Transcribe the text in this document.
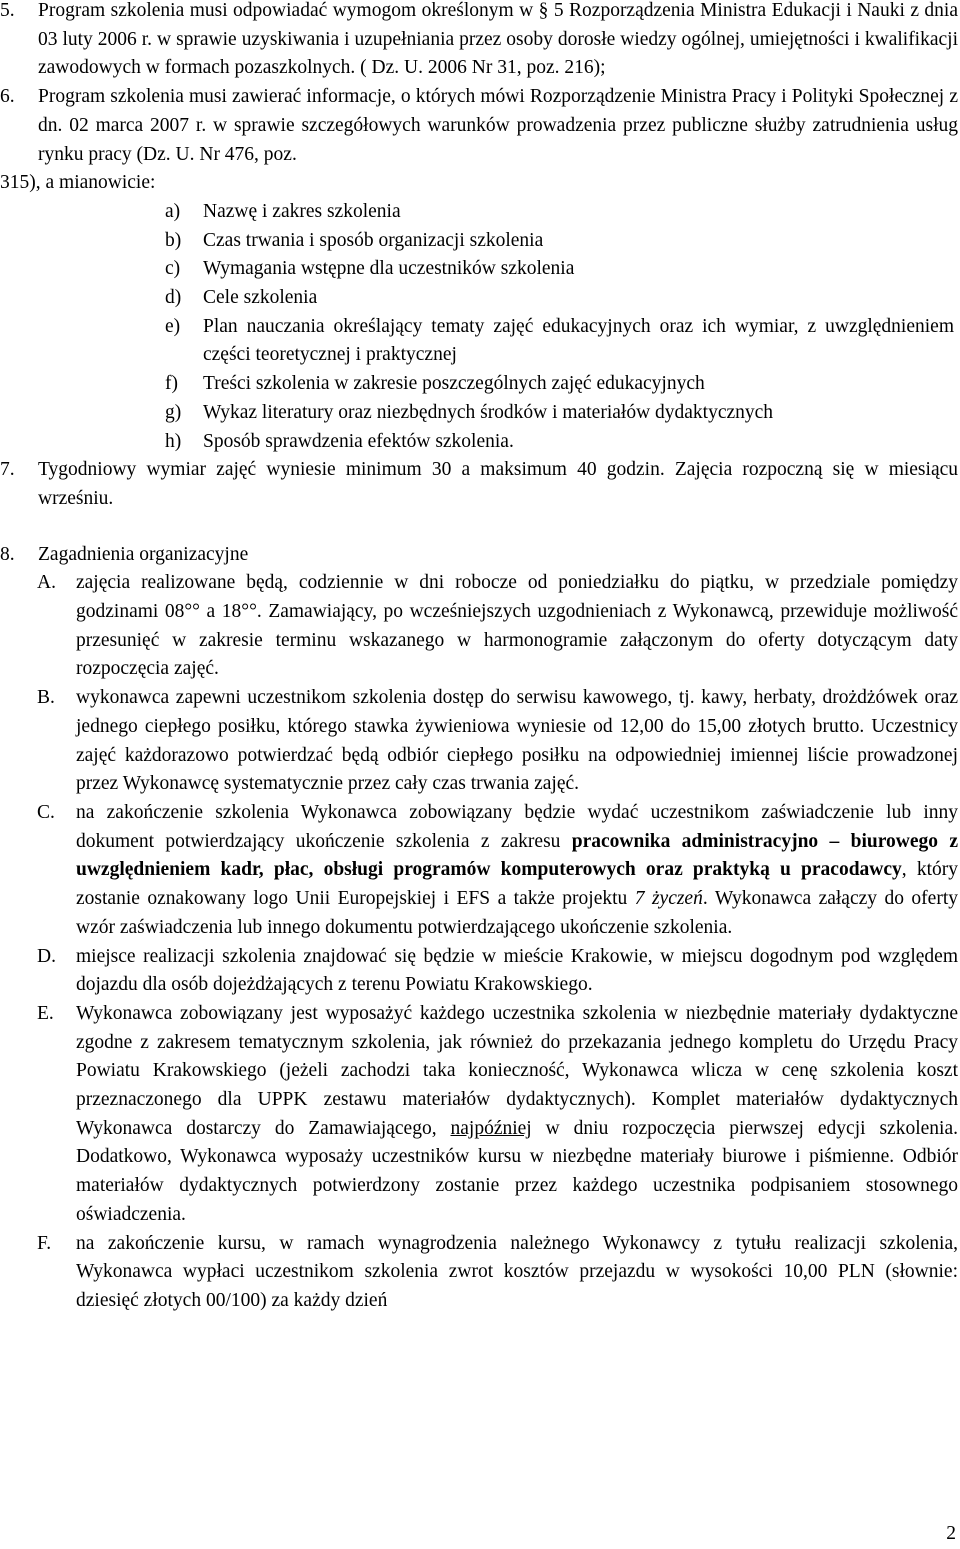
5.	Program szkolenia musi odpowiadać wymogom określonym w § 5 Rozporządzenia Ministra Edukacji i Nauki z dnia 03 luty 2006 r. w sprawie uzyskiwania i uzupełniania przez osoby dorosłe wiedzy ogólnej, umiejętności i kwalifikacji zawodowych w formach pozaszkolnych. ( Dz. U. 2006 Nr 31, poz. 216);
6.	Program szkolenia musi zawierać informacje, o których mówi Rozporządzenie Ministra Pracy i Polityki Społecznej z dn. 02 marca 2007 r. w sprawie szczegółowych warunków prowadzenia przez publiczne służby zatrudnienia usług rynku pracy (Dz. U. Nr 476, poz.
315), a mianowicie:
a)	Nazwę i zakres szkolenia
b)	Czas trwania i sposób organizacji szkolenia
c)	Wymagania wstępne dla uczestników szkolenia
d)	Cele szkolenia
e)	Plan nauczania określający tematy zajęć edukacyjnych oraz ich wymiar, z uwzględnieniem części teoretycznej i praktycznej
f)	Treści szkolenia w zakresie poszczególnych zajęć edukacyjnych
g)	Wykaz literatury oraz niezbędnych środków i materiałów dydaktycznych
h)	Sposób sprawdzenia efektów szkolenia.
7.	Tygodniowy wymiar zajęć wyniesie minimum 30 a maksimum 40 godzin. Zajęcia rozpoczną się w miesiącu wrześniu.
8.	Zagadnienia organizacyjne
A.	zajęcia realizowane będą, codziennie w dni robocze od poniedziałku do piątku, w przedziale pomiędzy godzinami 08°° a 18°°. Zamawiający, po wcześniejszych uzgodnieniach z Wykonawcą, przewiduje możliwość przesunięć w zakresie terminu wskazanego w harmonogramie załączonym do oferty dotyczącym daty rozpoczęcia zajęć.
B.	wykonawca zapewni uczestnikom szkolenia dostęp do serwisu kawowego, tj. kawy, herbaty, drożdżówek oraz jednego ciepłego posiłku, którego stawka żywieniowa wyniesie od 12,00 do 15,00 złotych brutto. Uczestnicy zajęć każdorazowo potwierdzać będą odbiór ciepłego posiłku na odpowiedniej imiennej liście prowadzonej przez Wykonawcę systematycznie przez cały czas trwania zajęć.
C.	na zakończenie szkolenia Wykonawca zobowiązany będzie wydać uczestnikom zaświadczenie lub inny dokument potwierdzający ukończenie szkolenia z zakresu pracownika administracyjno – biurowego z uwzględnieniem kadr, płac, obsługi programów komputerowych oraz praktyką u pracodawcy, który zostanie oznakowany logo Unii Europejskiej i EFS a także projektu 7 życzeń. Wykonawca załączy do oferty wzór zaświadczenia lub innego dokumentu potwierdzającego ukończenie szkolenia.
D.	miejsce realizacji szkolenia znajdować się będzie w mieście Krakowie, w miejscu dogodnym pod względem dojazdu dla osób dojeżdżających z terenu Powiatu Krakowskiego.
E.	Wykonawca zobowiązany jest wyposażyć każdego uczestnika szkolenia w niezbędnie materiały dydaktyczne zgodne z zakresem tematycznym szkolenia, jak również do przekazania jednego kompletu do Urzędu Pracy Powiatu Krakowskiego (jeżeli zachodzi taka konieczność, Wykonawca wlicza w cenę szkolenia koszt przeznaczonego dla UPPK zestawu materiałów dydaktycznych). Komplet materiałów dydaktycznych Wykonawca dostarczy do Zamawiającego, najpóźniej w dniu rozpoczęcia pierwszej edycji szkolenia. Dodatkowo, Wykonawca wyposaży uczestników kursu w niezbędne materiały biurowe i piśmienne. Odbiór materiałów dydaktycznych potwierdzony zostanie przez każdego uczestnika podpisaniem stosownego oświadczenia.
F.	na zakończenie kursu, w ramach wynagrodzenia należnego Wykonawcy z tytułu realizacji szkolenia, Wykonawca wypłaci uczestnikom szkolenia zwrot kosztów przejazdu w wysokości 10,00 PLN (słownie: dziesięć złotych 00/100) za każdy dzień
2
